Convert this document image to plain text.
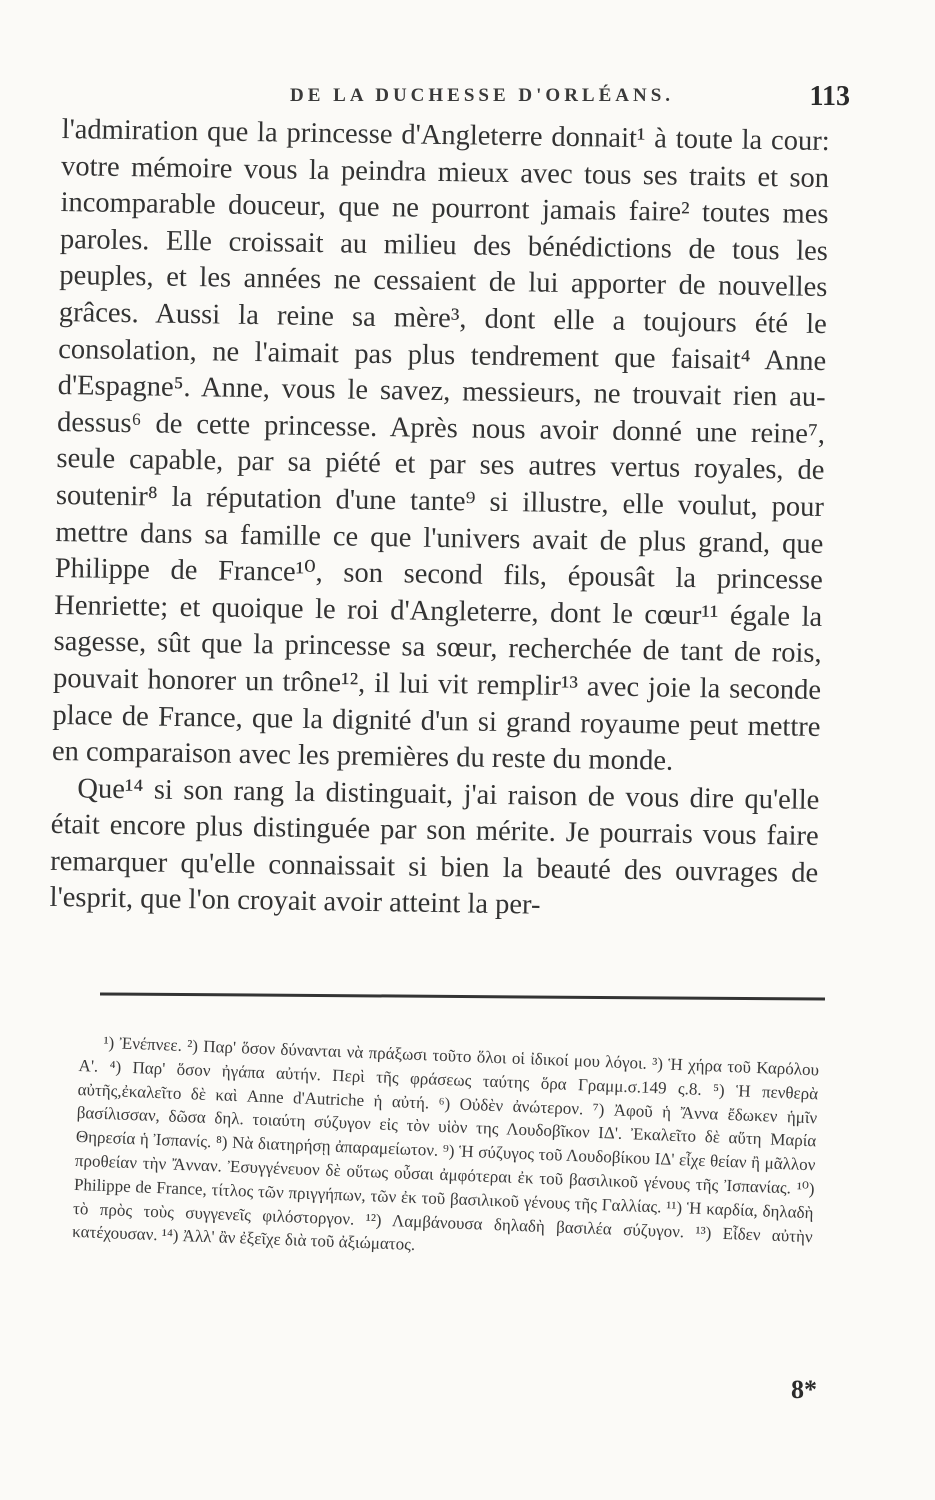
DE LA DUCHESSE D'ORLÉANS.	113

l'admiration que la princesse d'Angleterre donnait¹ à toute la cour: votre mémoire vous la peindra mieux avec tous ses traits et son incomparable douceur, que ne pourront jamais faire² toutes mes paroles. Elle croissait au milieu des bénédictions de tous les peuples, et les années ne cessaient de lui apporter de nouvelles grâces. Aussi la reine sa mère³, dont elle a toujours été le consolation, ne l'aimait pas plus tendrement que faisait⁴ Anne d'Espagne⁵. Anne, vous le savez, messieurs, ne trouvait rien au-dessus⁶ de cette princesse. Après nous avoir donné une reine⁷, seule capable, par sa piété et par ses autres vertus royales, de soutenir⁸ la réputation d'une tante⁹ si illustre, elle voulut, pour mettre dans sa famille ce que l'univers avait de plus grand, que Philippe de France¹⁰, son second fils, épousât la princesse Henriette; et quoique le roi d'Angleterre, dont le cœur¹¹ égale la sagesse, sût que la princesse sa sœur, recherchée de tant de rois, pouvait honorer un trône¹², il lui vit remplir¹³ avec joie la seconde place de France, que la dignité d'un si grand royaume peut mettre en comparaison avec les premières du reste du monde.

Que¹⁴ si son rang la distinguait, j'ai raison de vous dire qu'elle était encore plus distinguée par son mérite. Je pourrais vous faire remarquer qu'elle connaissait si bien la beauté des ouvrages de l'esprit, que l'on croyait avoir atteint la per-

¹) Ἐνέπνεε. ²) Παρ' ὅσον δύνανται νὰ πράξωσι τοῦτο ὅλοι οἱ ἰδικοί μου λόγοι. ³) Ἡ χήρα τοῦ Καρόλου Α'. ⁴) Παρ' ὅσον ἠγάπα αὐτήν. Περὶ τῆς φράσεως ταύτης ὅρα Γραμμ.σ.149 ς.8. ⁵) Ἡ πενθερὰ αὐτῆς,ἐκαλεῖτο δὲ καὶ Anne d'Autriche ἡ αὐτή. ⁶) Οὐδὲν ἀνώτερον. ⁷) Ἀφοῦ ἡ Ἄννα ἔδωκεν ἡμῖν βασίλισσαν, δῶσα δηλ. τοιαύτη σύζυγον εἰς τὸν υἱὸν της Λουδοβῖκον ΙΔ'. Ἐκαλεῖτο δὲ αὕτη Μαρία Θηρεσία ἡ Ἰσπανίς. ⁸) Νὰ διατηρήσῃ ἀπαραμείωτον. ⁹) Ἡ σύζυγος τοῦ Λουδοβίκου ΙΔ' εἶχε θείαν ἢ μᾶλλον πρoθείαν τὴν Ἄνναν. Ἐσυγγένευον δὲ οὕτως οὖσαι ἀμφότεραι ἐκ τοῦ βασιλικοῦ γένους τῆς Ἰσπανίας. ¹⁰) Philippe de France, τίτλος τῶν πριγγήπων, τῶν ἐκ τοῦ βασιλικοῦ γένους τῆς Γαλλίας. ¹¹) Ἡ καρδία, δηλαδὴ τὸ πρὸς τοὺς συγγενεῖς φιλόστοργον. ¹²) Λαμβάνουσα δηλαδὴ βασιλέα σύζυγον. ¹³) Εἶδεν αὐτὴν κατέχουσαν. ¹⁴) Ἀλλ' ἂν ἐξεῖχε διὰ τοῦ ἀξιώματος.

8*
